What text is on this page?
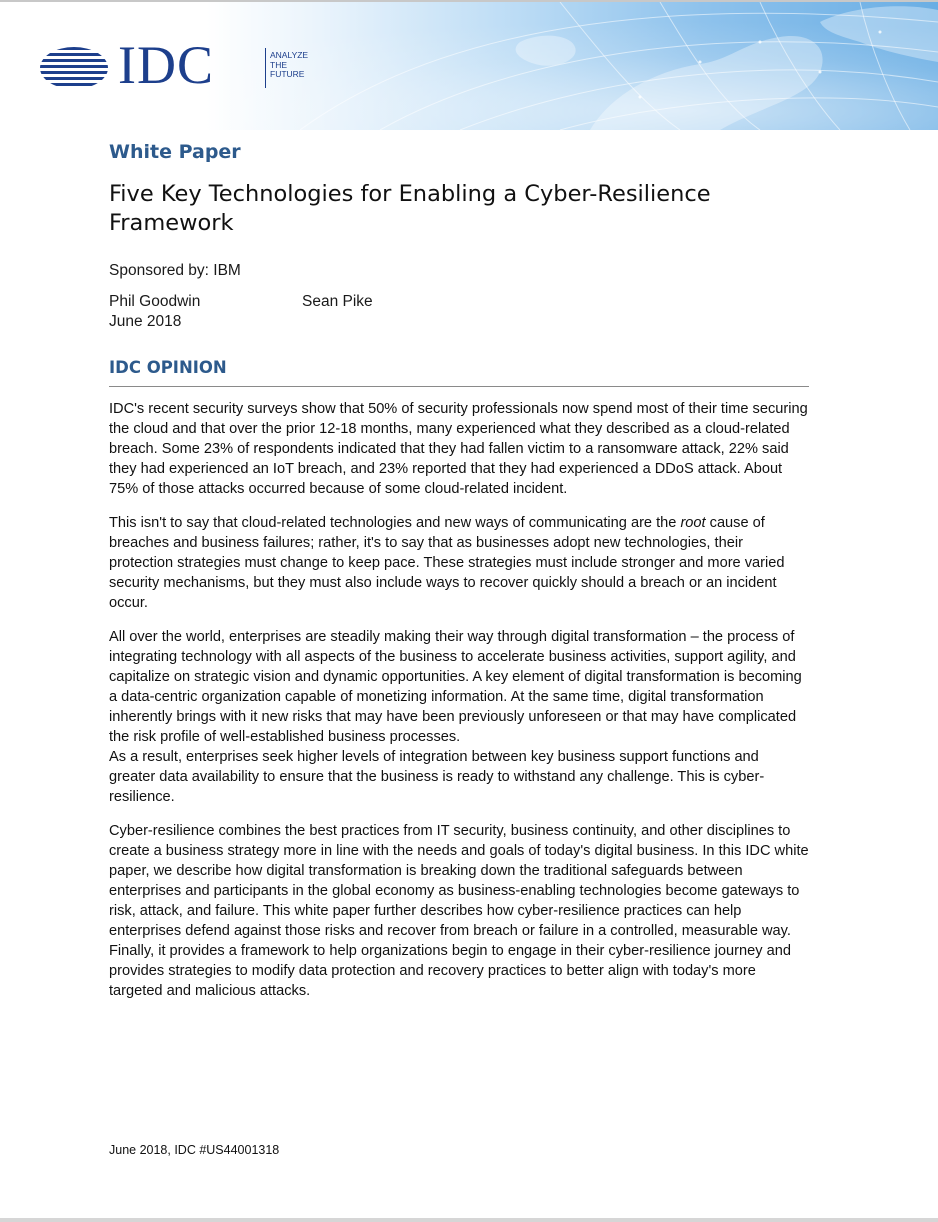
IDC	ANALYZE
THE
FUTURE
White Paper
Five Key Technologies for Enabling a Cyber-Resilience Framework
Sponsored by: IBM
Phil Goodwin	Sean Pike
June 2018
IDC OPINION

IDC's recent security surveys show that 50% of security professionals now spend most of their time securing the cloud and that over the prior 12-18 months, many experienced what they described as a cloud-related breach. Some 23% of respondents indicated that they had fallen victim to a ransomware attack, 22% said they had experienced an IoT breach, and 23% reported that they had experienced a DDoS attack. About 75% of those attacks occurred because of some cloud-related incident.

This isn't to say that cloud-related technologies and new ways of communicating are the root cause of breaches and business failures; rather, it's to say that as businesses adopt new technologies, their protection strategies must change to keep pace. These strategies must include stronger and more varied security mechanisms, but they must also include ways to recover quickly should a breach or an incident occur.

All over the world, enterprises are steadily making their way through digital transformation – the process of integrating technology with all aspects of the business to accelerate business activities, support agility, and capitalize on strategic vision and dynamic opportunities. A key element of digital transformation is becoming a data-centric organization capable of monetizing information. At the same time, digital transformation inherently brings with it new risks that may have been previously unforeseen or that may have complicated the risk profile of well-established business processes.
As a result, enterprises seek higher levels of integration between key business support functions and greater data availability to ensure that the business is ready to withstand any challenge. This is cyber-resilience.

Cyber-resilience combines the best practices from IT security, business continuity, and other disciplines to create a business strategy more in line with the needs and goals of today's digital business. In this IDC white paper, we describe how digital transformation is breaking down the traditional safeguards between enterprises and participants in the global economy as business-enabling technologies become gateways to risk, attack, and failure. This white paper further describes how cyber-resilience practices can help enterprises defend against those risks and recover from breach or failure in a controlled, measurable way. Finally, it provides a framework to help organizations begin to engage in their cyber-resilience journey and provides strategies to modify data protection and recovery practices to better align with today's more targeted and malicious attacks.

June 2018, IDC #US44001318
